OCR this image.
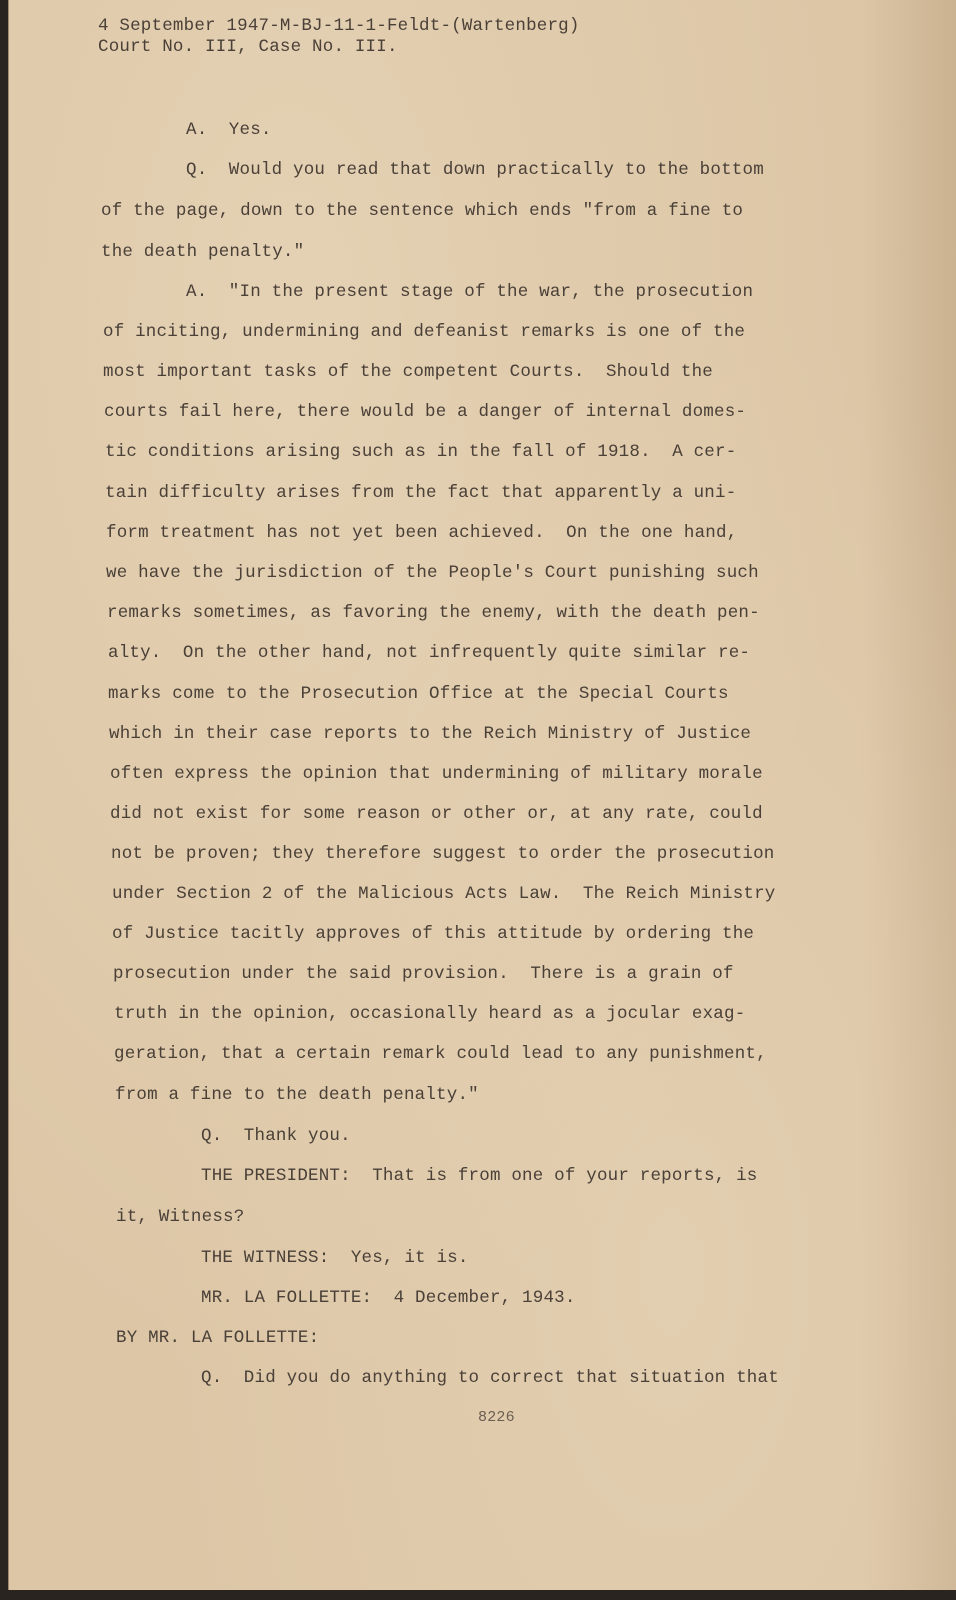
4 September 1947-M-BJ-11-1-Feldt-(Wartenberg)
Court No. III, Case No. III.
A.  Yes.
Q.  Would you read that down practically to the bottom
of the page, down to the sentence which ends "from a fine to
the death penalty."
A.  "In the present stage of the war, the prosecution
of inciting, undermining and defeanist remarks is one of the
most important tasks of the competent Courts.  Should the
courts fail here, there would be a danger of internal domes-
tic conditions arising such as in the fall of 1918.  A cer-
tain difficulty arises from the fact that apparently a uni-
form treatment has not yet been achieved.  On the one hand,
we have the jurisdiction of the People's Court punishing such
remarks sometimes, as favoring the enemy, with the death pen-
alty.  On the other hand, not infrequently quite similar re-
marks come to the Prosecution Office at the Special Courts
which in their case reports to the Reich Ministry of Justice
often express the opinion that undermining of military morale
did not exist for some reason or other or, at any rate, could
not be proven; they therefore suggest to order the prosecution
under Section 2 of the Malicious Acts Law.  The Reich Ministry
of Justice tacitly approves of this attitude by ordering the
prosecution under the said provision.  There is a grain of
truth in the opinion, occasionally heard as a jocular exag-
geration, that a certain remark could lead to any punishment,
from a fine to the death penalty."
Q.  Thank you.
THE PRESIDENT:  That is from one of your reports, is
it, Witness?
THE WITNESS:  Yes, it is.
MR. LA FOLLETTE:  4 December, 1943.
BY MR. LA FOLLETTE:
Q.  Did you do anything to correct that situation that
8226
